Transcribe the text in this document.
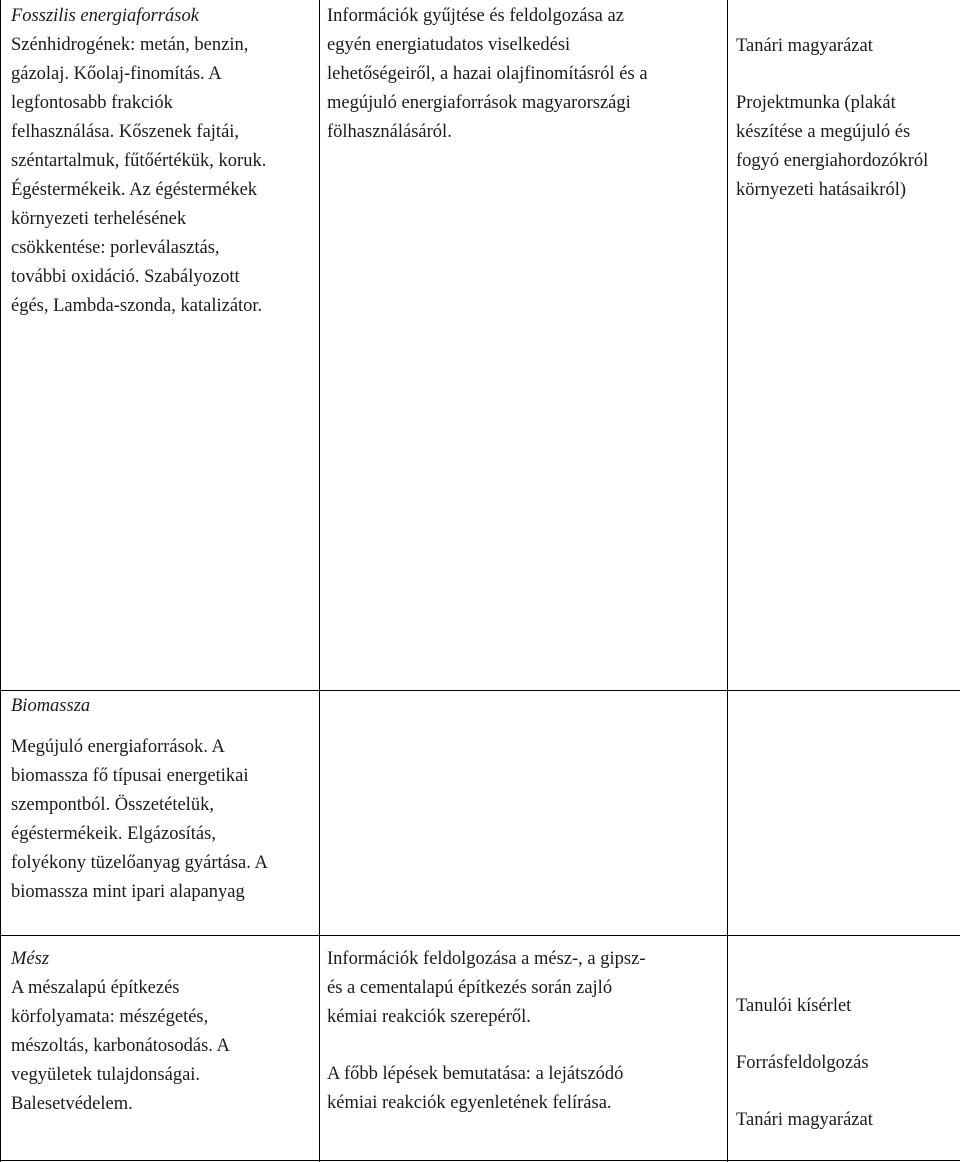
Fosszilis energiaforrások

Szénhidrogének: metán, benzin,

gázolaj. Kőolaj-finomítás. A

legfontosabb frakciók

felhasználása. Kőszenek fajtái,

széntartalmuk, fűtőértékük, koruk.

Égéstermékeik. Az égéstermékek

környezeti terhelésének

csökkentése: porleválasztás,

további oxidáció. Szabályozott

égés, Lambda-szonda, katalizátor.

Információk gyűjtése és feldolgozása az

egyén energiatudatos viselkedési

lehetőségeiről, a hazai olajfinomításról és a

megújuló energiaforrások magyarországi

fölhasználásáról.

Tanári magyarázat

Projektmunka (plakát

készítése a megújuló és

fogyó energiahordozókról

környezeti hatásaikról)

Biomassza

Megújuló energiaforrások. A

biomassza fő típusai energetikai

szempontból. Összetételük,

égéstermékeik. Elgázosítás,

folyékony tüzelőanyag gyártása. A

biomassza mint ipari alapanyag

Mész

A mészalapú építkezés

körfolyamata: mészégetés,

mészoltás, karbonátosodás. A

vegyületek tulajdonságai.

Balesetvédelem.

Információk feldolgozása a mész-, a gipsz-

és a cementalapú építkezés során zajló

kémiai reakciók szerepéről.

A főbb lépések bemutatása: a lejátszódó

kémiai reakciók egyenletének felírása.

Tanulói kísérlet

Forrásfeldolgozás

Tanári magyarázat
